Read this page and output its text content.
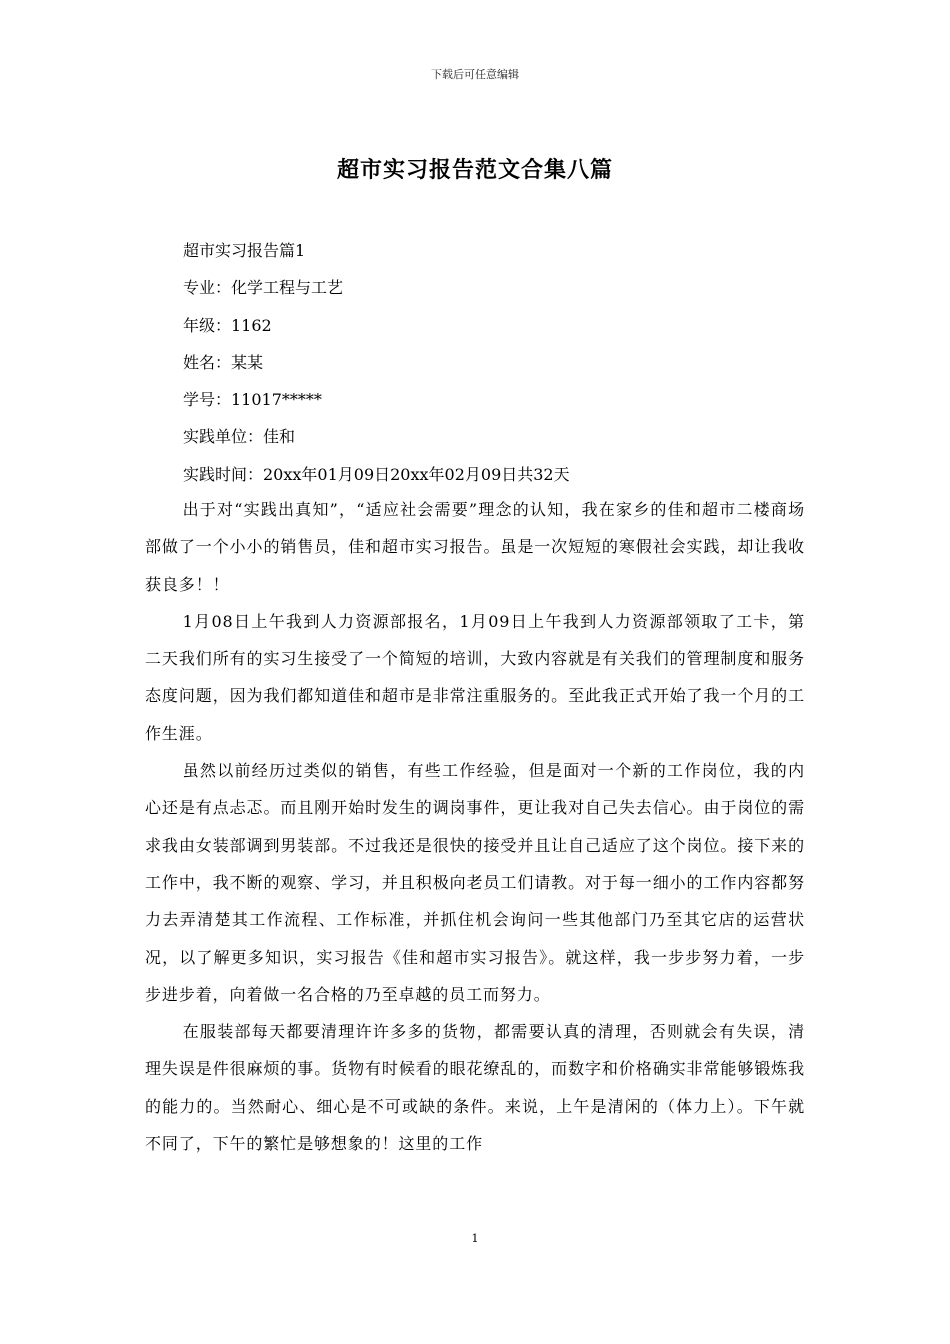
下载后可任意编辑
超市实习报告范文合集八篇
超市实习报告篇1
专业：化学工程与工艺
年级：1162
姓名：某某
学号：11017*****
实践单位：佳和
实践时间：20xx年01月09日20xx年02月09日共32天

出于对“实践出真知”，“适应社会需要”理念的认知，我在家乡的佳和超市二楼商场部做了一个小小的销售员，佳和超市实习报告。虽是一次短短的寒假社会实践，却让我收获良多！！

1月08日上午我到人力资源部报名，1月09日上午我到人力资源部领取了工卡，第二天我们所有的实习生接受了一个简短的培训，大致内容就是有关我们的管理制度和服务态度问题，因为我们都知道佳和超市是非常注重服务的。至此我正式开始了我一个月的工作生涯。

虽然以前经历过类似的销售，有些工作经验，但是面对一个新的工作岗位，我的内心还是有点忐忑。而且刚开始时发生的调岗事件，更让我对自己失去信心。由于岗位的需求我由女装部调到男装部。不过我还是很快的接受并且让自己适应了这个岗位。接下来的工作中，我不断的观察、学习，并且积极向老员工们请教。对于每一细小的工作内容都努力去弄清楚其工作流程、工作标准，并抓住机会询问一些其他部门乃至其它店的运营状况，以了解更多知识，实习报告《佳和超市实习报告》。就这样，我一步步努力着，一步步进步着，向着做一名合格的乃至卓越的员工而努力。

在服装部每天都要清理许许多多的货物，都需要认真的清理，否则就会有失误，清理失误是件很麻烦的事。货物有时候看的眼花缭乱的，而数字和价格确实非常能够锻炼我的能力的。当然耐心、细心是不可或缺的条件。来说，上午是清闲的（体力上）。下午就不同了，下午的繁忙是够想象的！这里的工作

1
